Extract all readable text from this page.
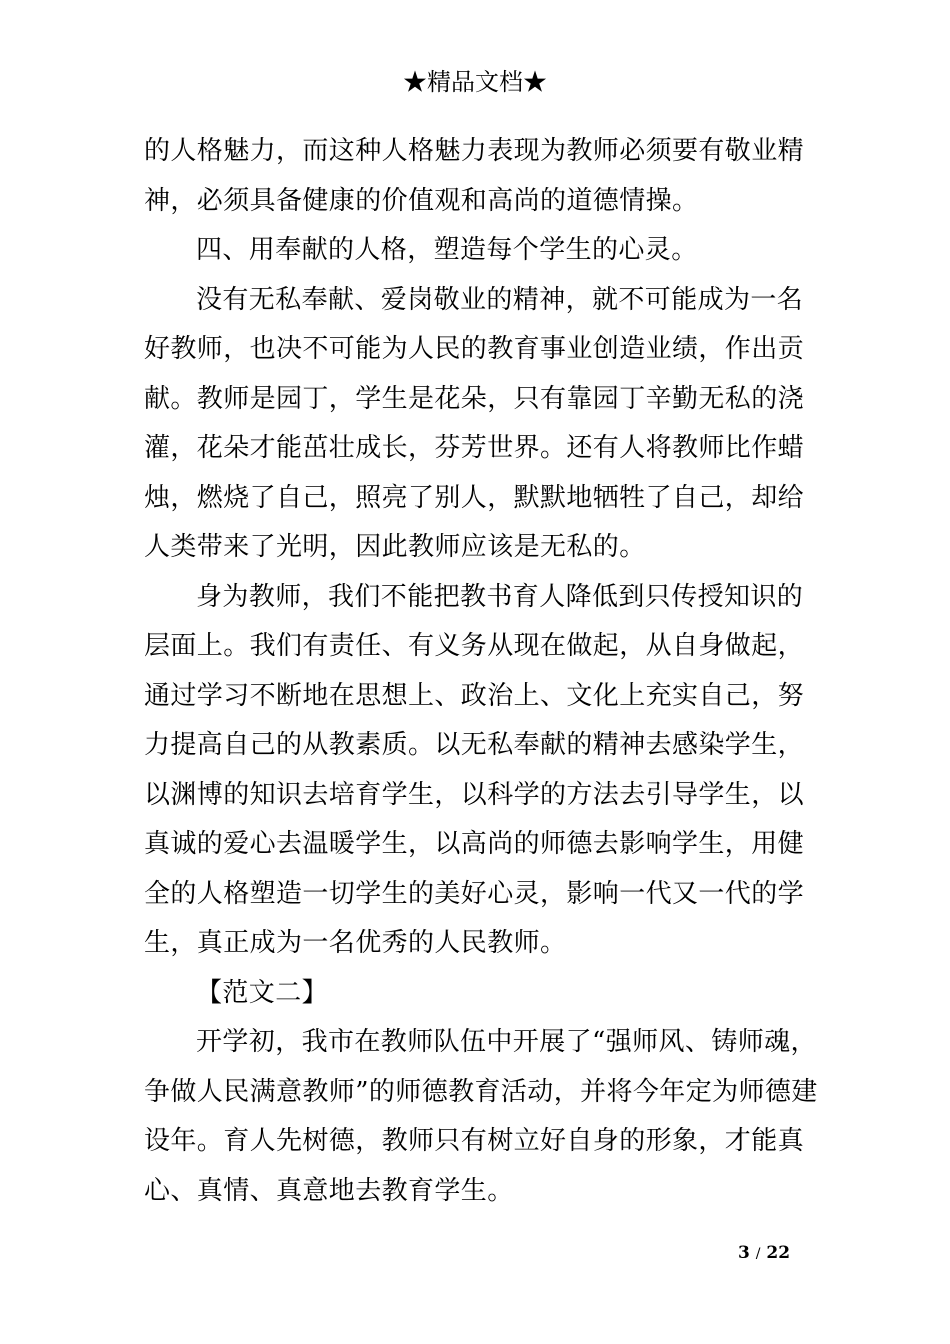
★精品文档★

的人格魅力，而这种人格魅力表现为教师必须要有敬业精
神，必须具备健康的价值观和高尚的道德情操。

四、用奉献的人格，塑造每个学生的心灵。

没有无私奉献、爱岗敬业的精神，就不可能成为一名
好教师，也决不可能为人民的教育事业创造业绩，作出贡
献。教师是园丁，学生是花朵，只有靠园丁辛勤无私的浇
灌，花朵才能茁壮成长，芬芳世界。还有人将教师比作蜡
烛，燃烧了自己，照亮了别人，默默地牺牲了自己，却给
人类带来了光明，因此教师应该是无私的。

身为教师，我们不能把教书育人降低到只传授知识的
层面上。我们有责任、有义务从现在做起，从自身做起，
通过学习不断地在思想上、政治上、文化上充实自己，努
力提高自己的从教素质。以无私奉献的精神去感染学生，
以渊博的知识去培育学生，以科学的方法去引导学生，以
真诚的爱心去温暖学生，以高尚的师德去影响学生，用健
全的人格塑造一切学生的美好心灵，影响一代又一代的学
生，真正成为一名优秀的人民教师。

【范文二】

开学初，我市在教师队伍中开展了“强师风、铸师魂，
争做人民满意教师”的师德教育活动，并将今年定为师德建
设年。育人先树德，教师只有树立好自身的形象，才能真
心、真情、真意地去教育学生。

3 / 22
